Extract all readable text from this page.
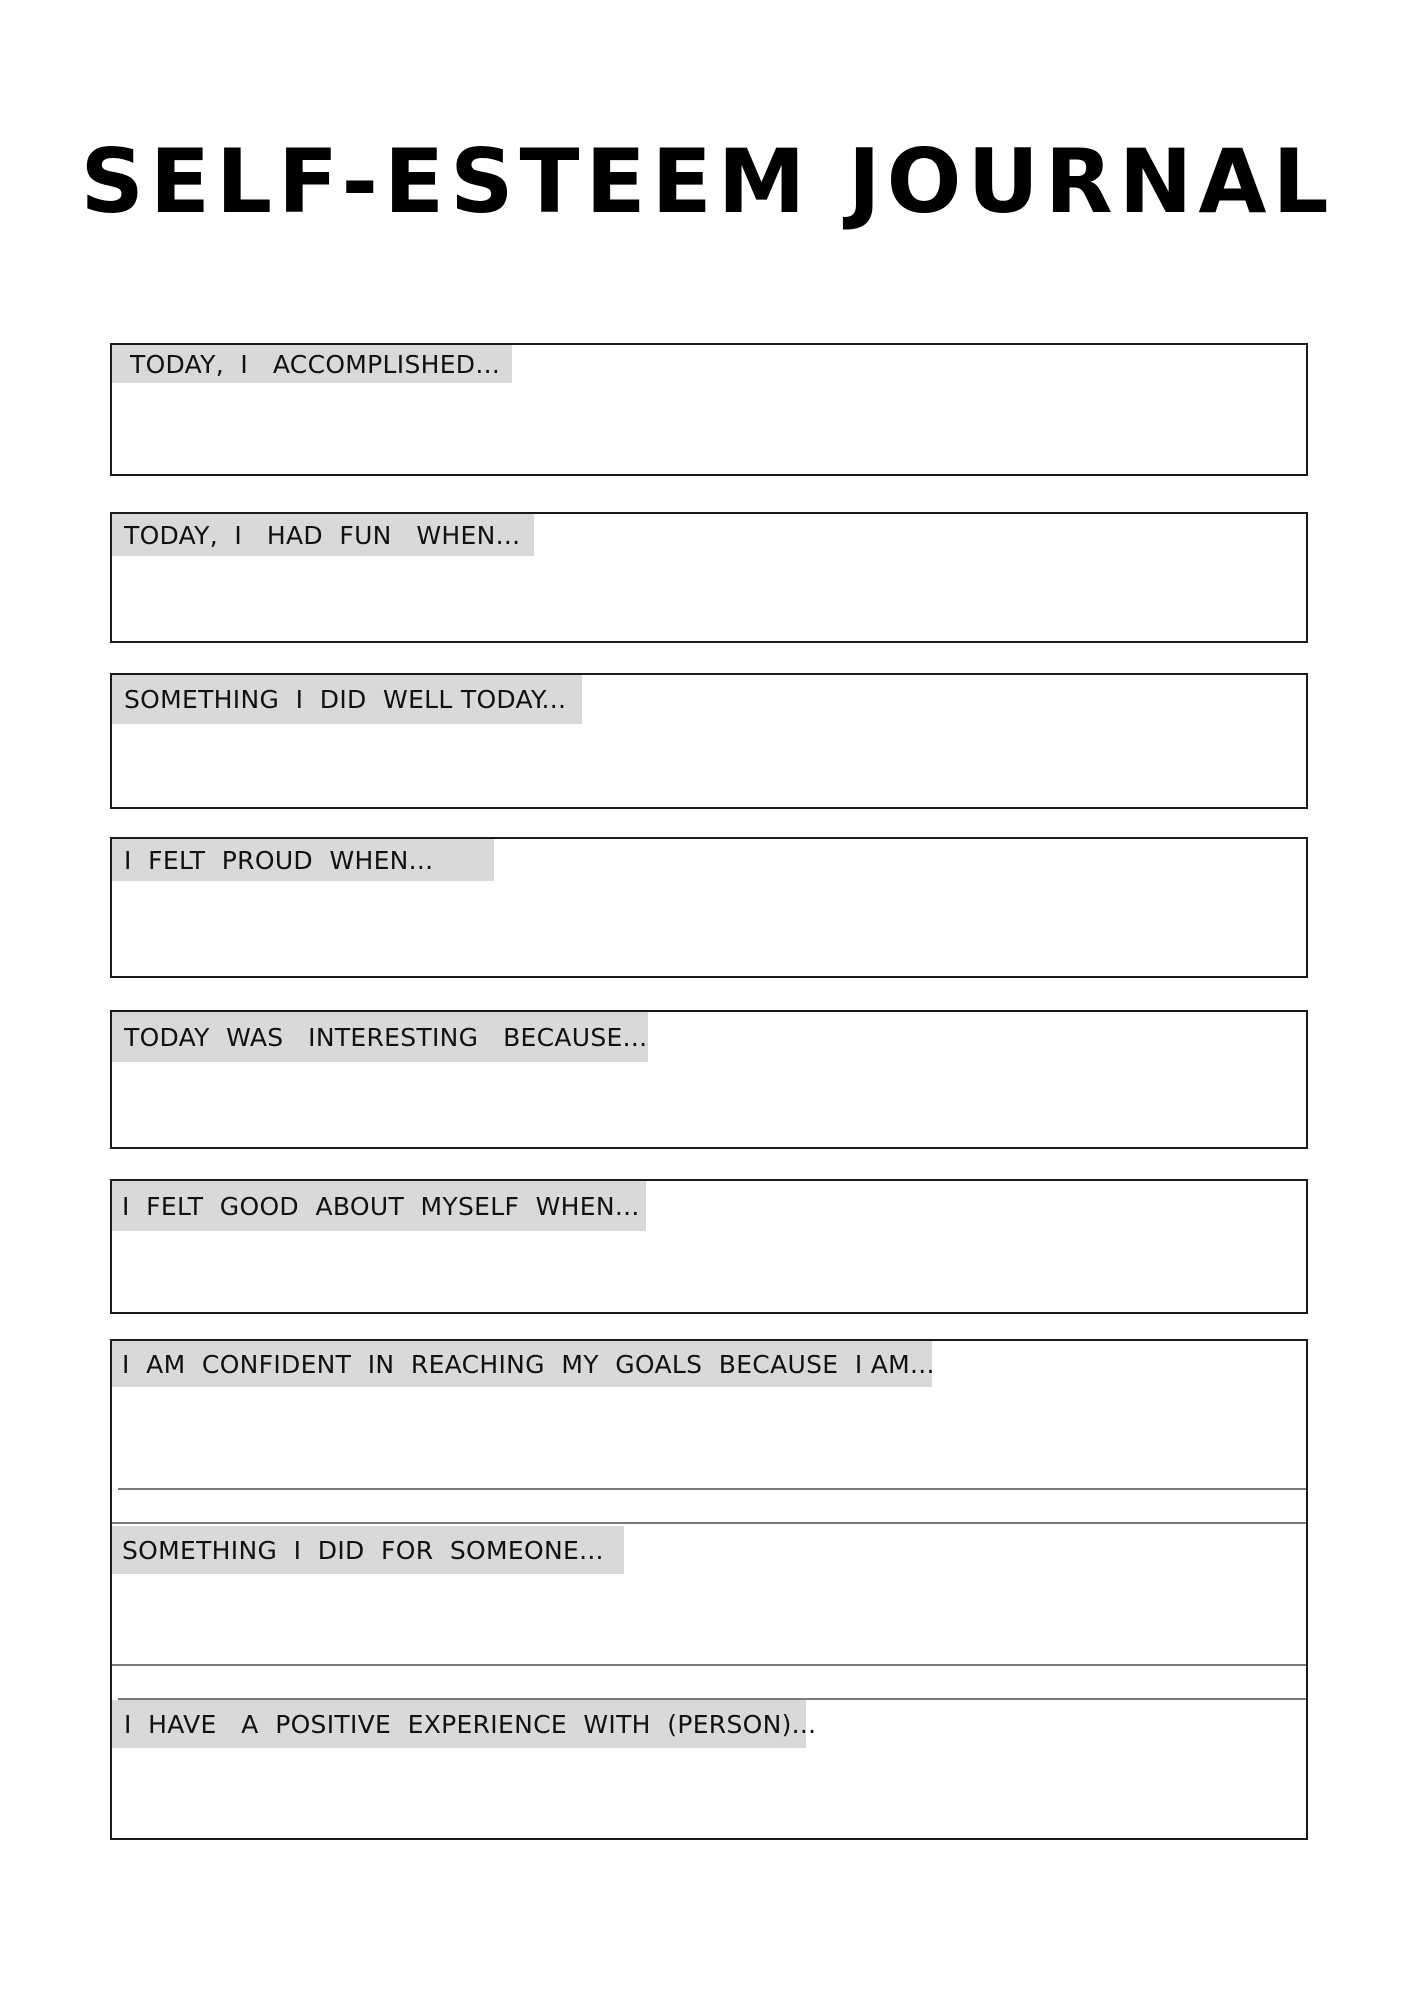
SELF-ESTEEM JOURNAL
TODAY,  I   ACCOMPLISHED...
TODAY,  I   HAD  FUN   WHEN...
SOMETHING  I  DID  WELL TODAY...
I  FELT  PROUD  WHEN...
TODAY  WAS   INTERESTING   BECAUSE...
I  FELT  GOOD  ABOUT  MYSELF  WHEN...
I  AM  CONFIDENT  IN  REACHING  MY  GOALS  BECAUSE  I AM...
SOMETHING  I  DID  FOR  SOMEONE...
I  HAVE   A  POSITIVE  EXPERIENCE  WITH  (PERSON)...
